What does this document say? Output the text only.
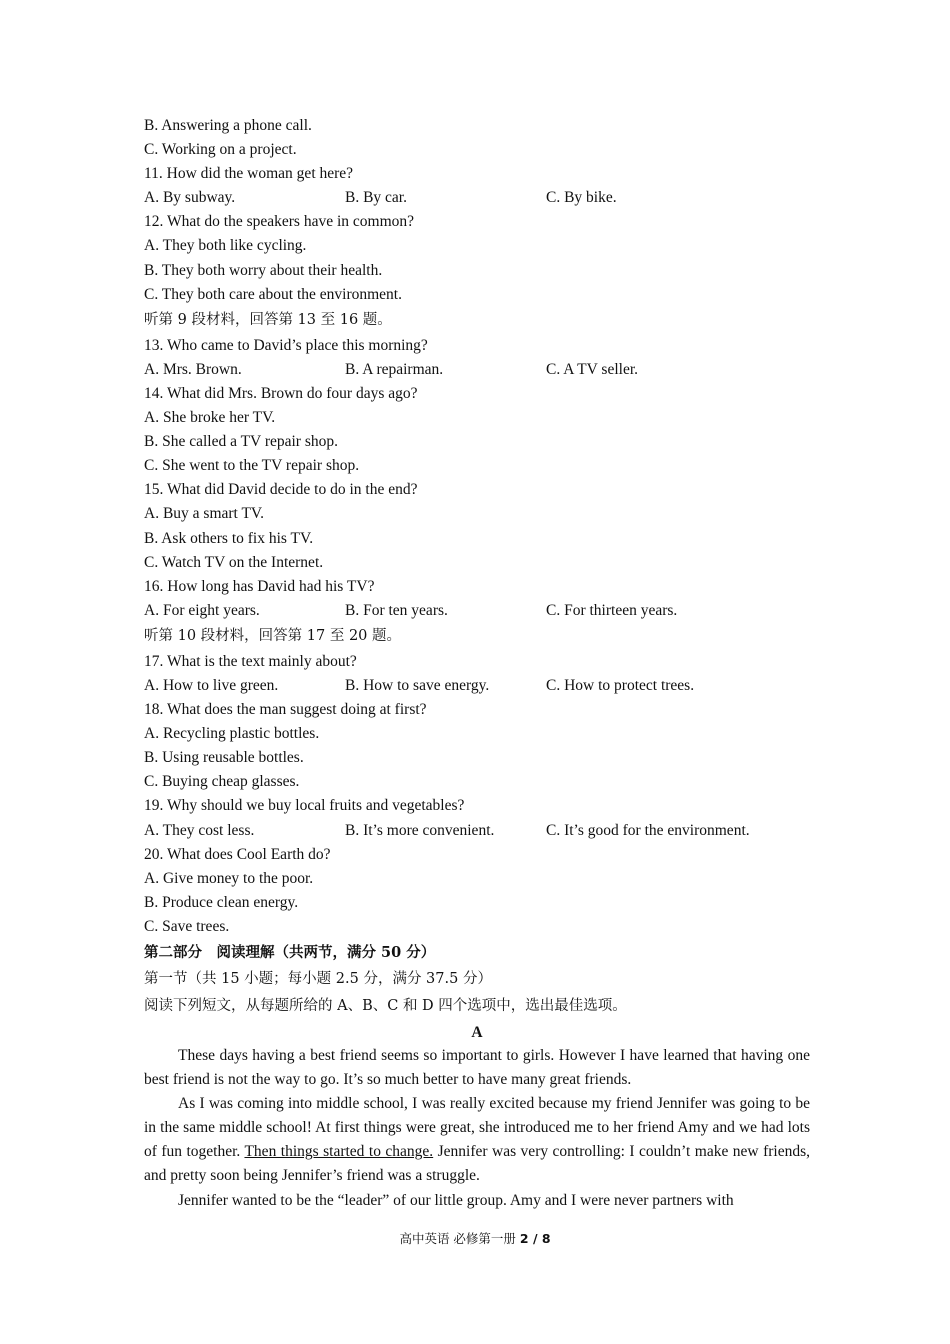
B. Answering a phone call.
C. Working on a project.
11. How did the woman get here?
A. By subway.	B. By car.	C. By bike.
12. What do the speakers have in common?
A. They both like cycling.
B. They both worry about their health.
C. They both care about the environment.
听第 9 段材料，回答第 13 至 16 题。
13. Who came to David’s place this morning?
A. Mrs. Brown.	B. A repairman.	C. A TV seller.
14. What did Mrs. Brown do four days ago?
A. She broke her TV.
B. She called a TV repair shop.
C. She went to the TV repair shop.
15. What did David decide to do in the end?
A. Buy a smart TV.
B. Ask others to fix his TV.
C. Watch TV on the Internet.
16. How long has David had his TV?
A. For eight years.	B. For ten years.	C. For thirteen years.
听第 10 段材料，回答第 17 至 20 题。
17. What is the text mainly about?
A. How to live green.	B. How to save energy.	C. How to protect trees.
18. What does the man suggest doing at first?
A. Recycling plastic bottles.
B. Using reusable bottles.
C. Buying cheap glasses.
19. Why should we buy local fruits and vegetables?
A. They cost less.	B. It’s more convenient.	C. It’s good for the environment.
20. What does Cool Earth do?
A. Give money to the poor.
B. Produce clean energy.
C. Save trees.
第二部分　阅读理解（共两节，满分 50 分）
第一节（共 15 小题；每小题 2.5 分，满分 37.5 分）
阅读下列短文，从每题所给的 A、B、C 和 D 四个选项中，选出最佳选项。
A

These days having a best friend seems so important to girls. However I have learned that having one best friend is not the way to go. It’s so much better to have many great friends.

As I was coming into middle school, I was really excited because my friend Jennifer was going to be in the same middle school! At first things were great, she introduced me to her friend Amy and we had lots of fun together. Then things started to change. Jennifer was very controlling: I couldn’t make new friends, and pretty soon being Jennifer’s friend was a struggle.

Jennifer wanted to be the “leader” of our little group. Amy and I were never partners with

高中英语 必修第一册 2 / 8
